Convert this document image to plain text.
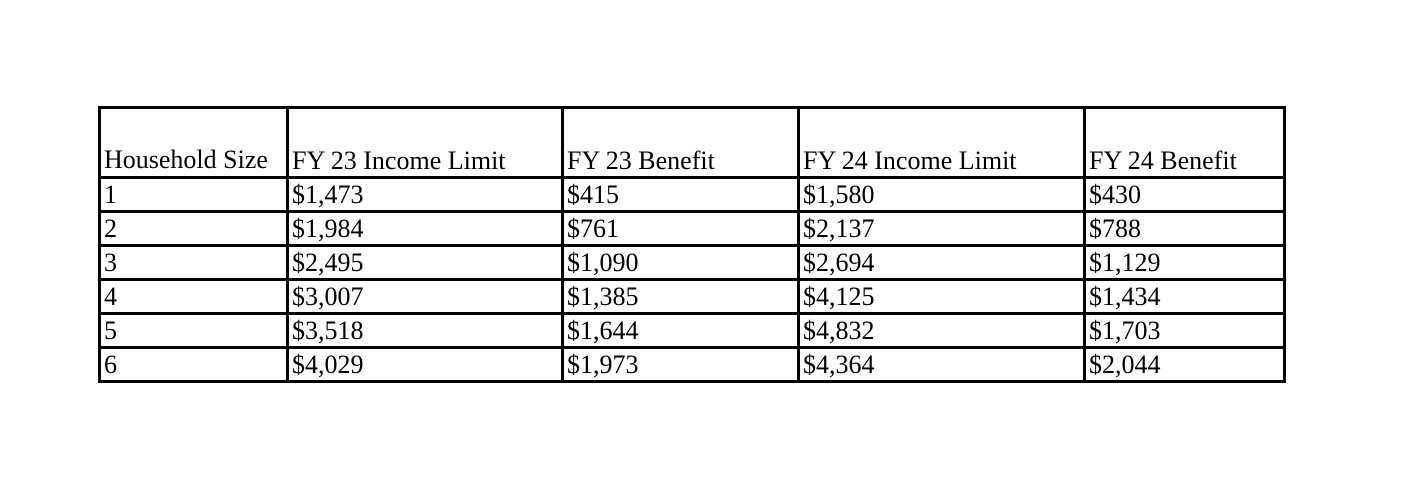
Household Size	FY 23 Income Limit	FY 23 Benefit	FY 24 Income Limit	FY 24 Benefit
1	$1,473	$415	$1,580	$430
2	$1,984	$761	$2,137	$788
3	$2,495	$1,090	$2,694	$1,129
4	$3,007	$1,385	$4,125	$1,434
5	$3,518	$1,644	$4,832	$1,703
6	$4,029	$1,973	$4,364	$2,044
